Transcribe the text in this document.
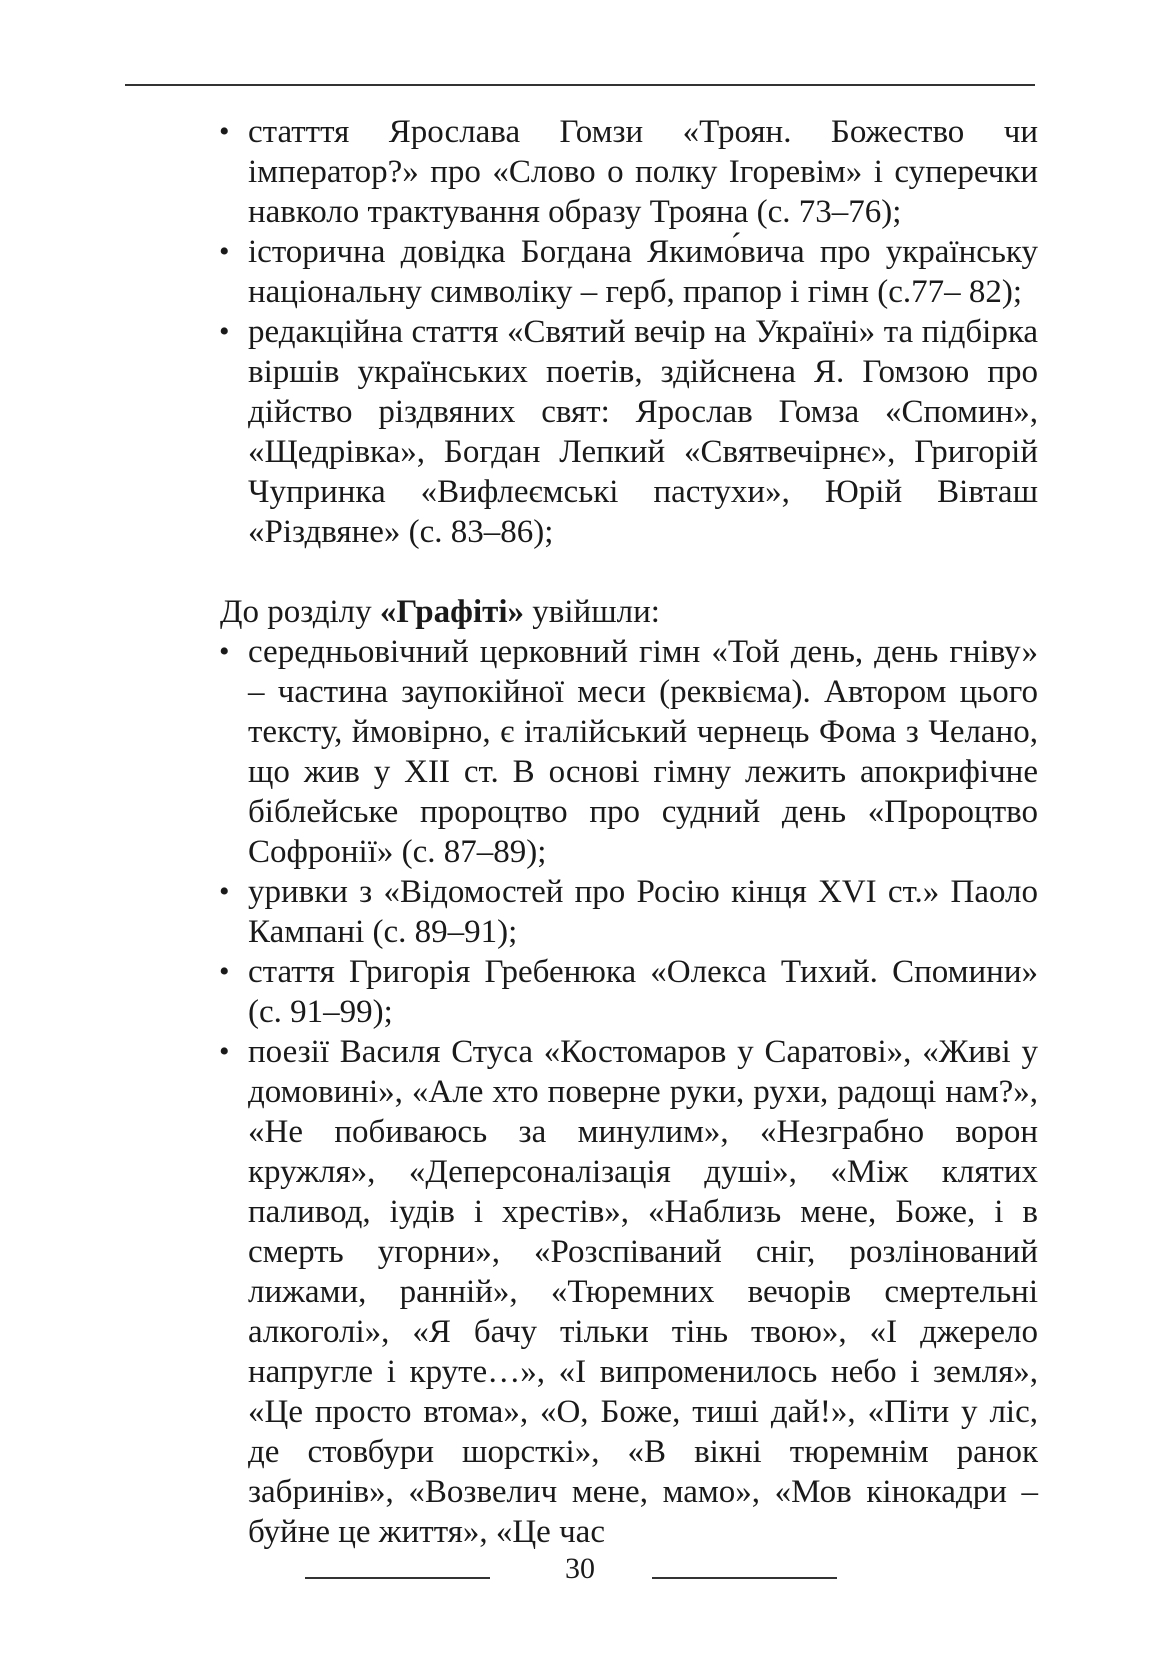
• статття Ярослава Гомзи «Троян. Божество чи імператор?» про «Слово о полку Ігоревім» і суперечки навколо трактування образу Трояна (с. 73–76);
• історична довідка Богдана Якимо́вича про українську національну символіку – герб, прапор і гімн (с.77– 82);
• редакційна стаття «Святий вечір на Україні» та підбірка віршів українських поетів, здійснена Я. Гомзою про дійство різдвяних свят: Ярослав Гомза «Спомин», «Щедрівка», Богдан Лепкий «Святвечірнє», Григорій Чупринка «Вифлеємські пастухи», Юрій Вівташ «Різдвяне» (с. 83–86);
До розділу «Графіті» увійшли:
• середньовічний церковний гімн «Той день, день гніву» – частина заупокійної меси (реквієма). Автором цього тексту, ймовірно, є італійський чернець Фома з Челано, що жив у XII ст. В основі гімну лежить апокрифічне біблейське пророцтво про судний день «Пророцтво Софронії» (с. 87–89);
• уривки з «Відомостей про Росію кінця XVI ст.» Паоло Кампані (с. 89–91);
• стаття Григорія Гребенюка «Олекса Тихий. Спомини» (с. 91–99);
• поезії Василя Стуса «Костомаров у Саратові», «Живі у домовині», «Але хто поверне руки, рухи, радощі нам?», «Не побиваюсь за минулим», «Незграбно ворон кружля», «Деперсоналізація душі», «Між клятих паливод, іудів і хрестів», «Наблизь мене, Боже, і в смерть угорни», «Розспіваний сніг, розлінований лижами, ранній», «Тюремних вечорів смертельні алкоголі», «Я бачу тільки тінь твою», «І джерело напругле і круте…», «І випроменилось небо і земля», «Це просто втома», «О, Боже, тиші дай!», «Піти у ліс, де стовбури шорсткі», «В вікні тюремнім ранок забринів», «Возвелич мене, мамо», «Мов кінокадри – буйне це життя», «Це час
30
